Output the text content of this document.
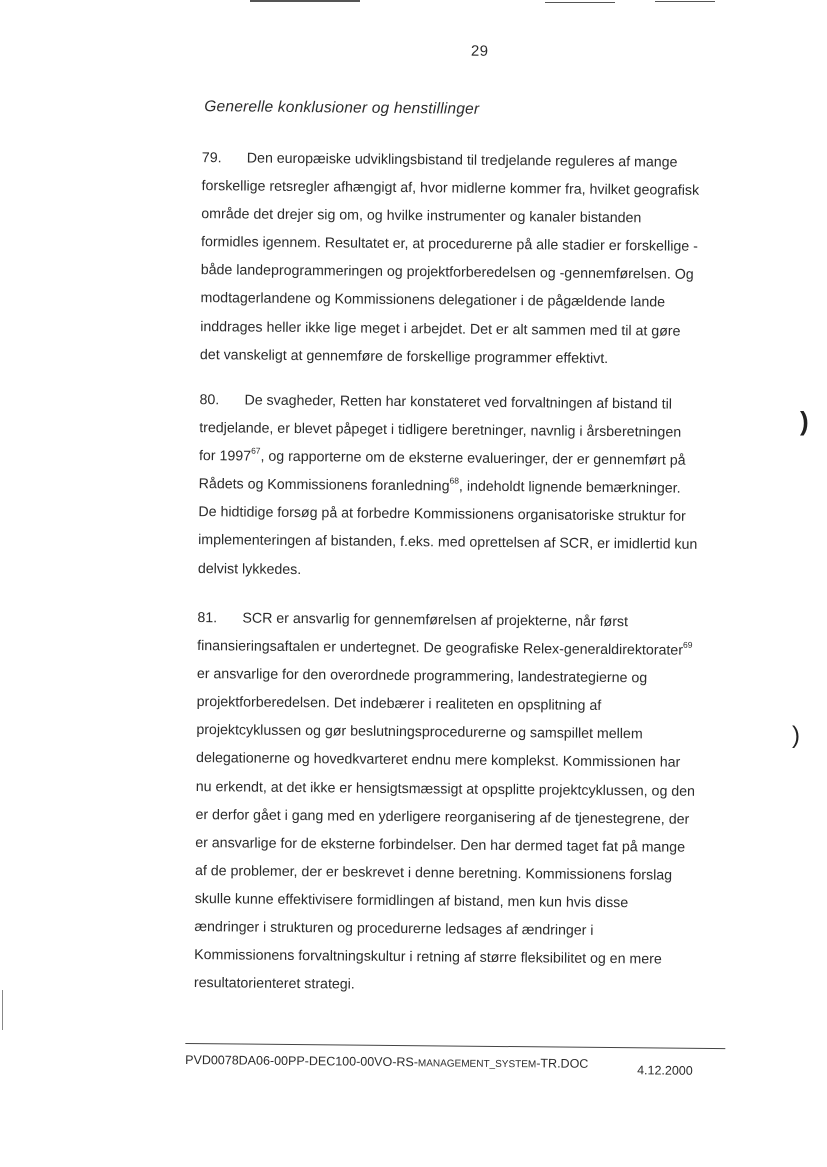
)
)
29
Generelle konklusioner og henstillinger
79. Den europæiske udviklingsbistand til tredjelande reguleres af mange
forskellige retsregler afhængigt af, hvor midlerne kommer fra, hvilket geografisk
område det drejer sig om, og hvilke instrumenter og kanaler bistanden
formidles igennem. Resultatet er, at procedurerne på alle stadier er forskellige -
både landeprogrammeringen og projektforberedelsen og -gennemførelsen. Og
modtagerlandene og Kommissionens delegationer i de pågældende lande
inddrages heller ikke lige meget i arbejdet. Det er alt sammen med til at gøre
det vanskeligt at gennemføre de forskellige programmer effektivt.
80. De svagheder, Retten har konstateret ved forvaltningen af bistand til
tredjelande, er blevet påpeget i tidligere beretninger, navnlig i årsberetningen
for 1997$^{67}$, og rapporterne om de eksterne evalueringer, der er gennemført på
Rådets og Kommissionens foranledning$^{68}$, indeholdt lignende bemærkninger.
De hidtidige forsøg på at forbedre Kommissionens organisatoriske struktur for
implementeringen af bistanden, f.eks. med oprettelsen af SCR, er imidlertid kun
delvist lykkedes.
81. SCR er ansvarlig for gennemførelsen af projekterne, når først
finansieringsaftalen er undertegnet. De geografiske Relex-generaldirektorater$^{69}$
er ansvarlige for den overordnede programmering, landestrategierne og
projektforberedelsen. Det indebærer i realiteten en opsplitning af
projektcyklussen og gør beslutningsprocedurerne og samspillet mellem
delegationerne og hovedkvarteret endnu mere komplekst. Kommissionen har
nu erkendt, at det ikke er hensigtsmæssigt at opsplitte projektcyklussen, og den
er derfor gået i gang med en yderligere reorganisering af de tjenestegrene, der
er ansvarlige for de eksterne forbindelser. Den har dermed taget fat på mange
af de problemer, der er beskrevet i denne beretning. Kommissionens forslag
skulle kunne effektivisere formidlingen af bistand, men kun hvis disse
ændringer i strukturen og procedurerne ledsages af ændringer i
Kommissionens forvaltningskultur i retning af større fleksibilitet og en mere
resultatorienteret strategi.
PVD0078DA06-00PP-DEC100-00VO-RS-MANAGEMENT_SYSTEM-TR.DOC	4.12.2000
